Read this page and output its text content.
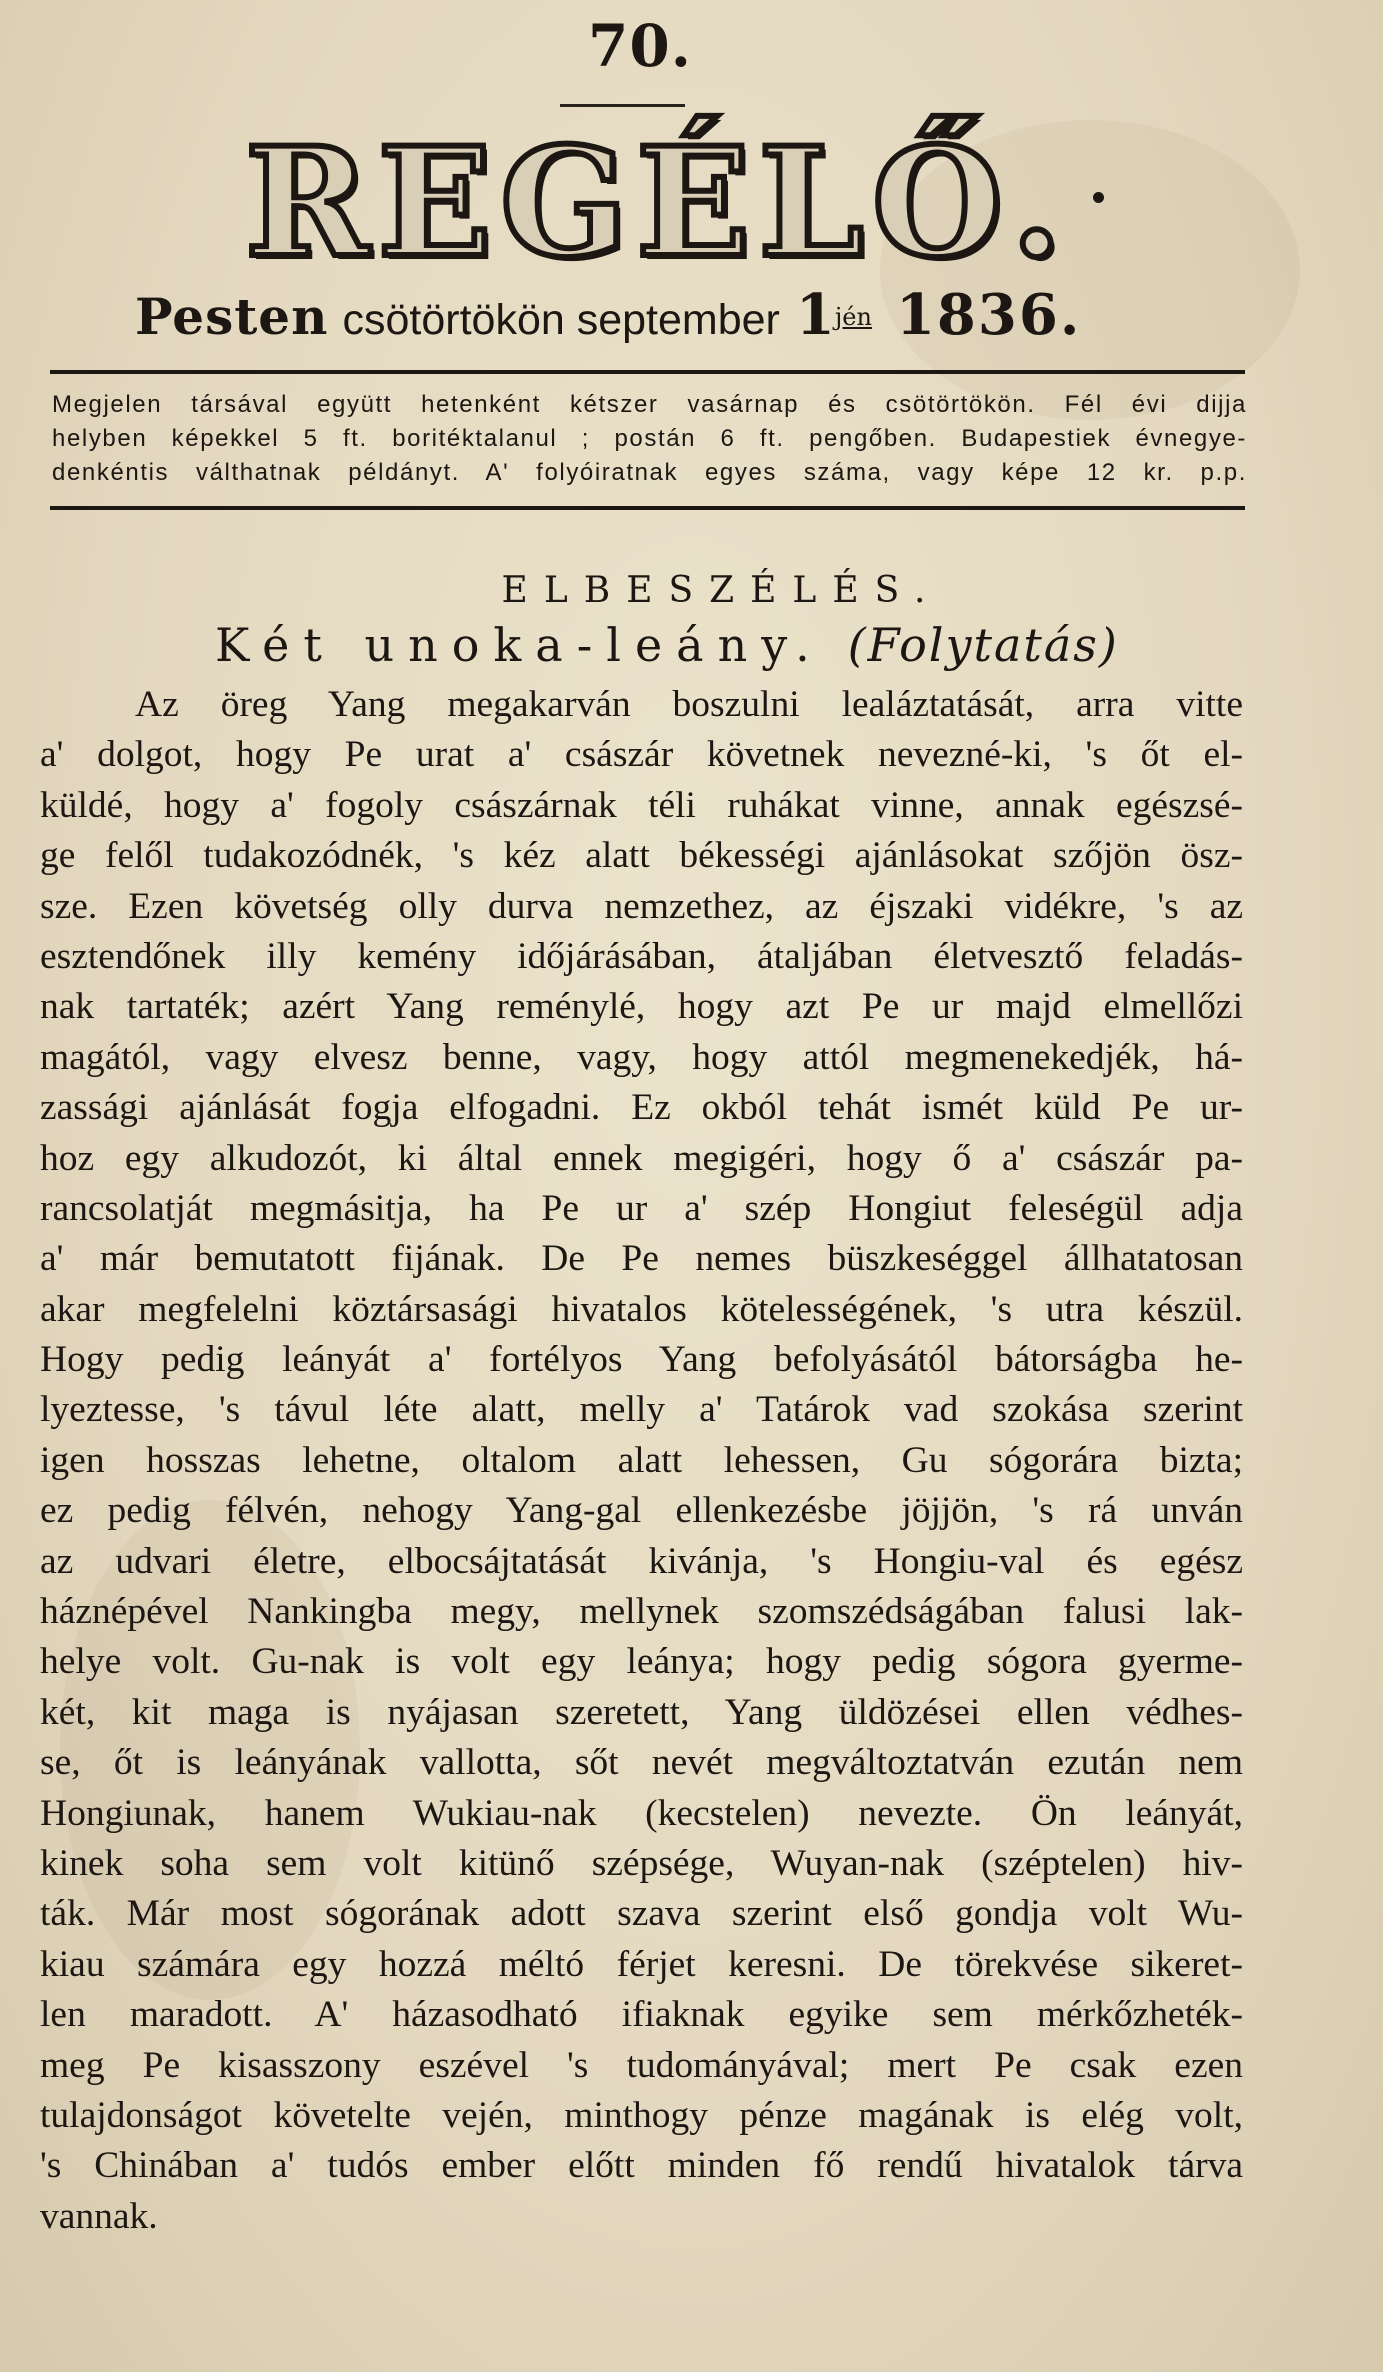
70.
REGÉLŐ.
Pesten csötörtökön september $1^{jén}$ 1836.
Megjelen társával együtt hetenként kétszer vasárnap és csötörtökön. Fél évi dijja
helyben képekkel 5 ft. boritéktalanul ; postán 6 ft. pengőben. Budapestiek évnegye-
denkéntis válthatnak példányt. A' folyóiratnak egyes száma, vagy képe 12 kr. p.p.
ELBESZÉLÉS.
Két unoka-leány. (Folytatás)
Az öreg Yang megakarván boszulni lealáztatását, arra vitte
a' dolgot, hogy Pe urat a' császár követnek nevezné-ki, 's őt el-
küldé, hogy a' fogoly császárnak téli ruhákat vinne, annak egészsé-
ge felől tudakozódnék, 's kéz alatt békességi ajánlásokat szőjön ösz-
sze. Ezen követség olly durva nemzethez, az éjszaki vidékre, 's az
esztendőnek illy kemény időjárásában, átaljában életvesztő feladás-
nak tartaték; azért Yang reménylé, hogy azt Pe ur majd elmellőzi
magától, vagy elvesz benne, vagy, hogy attól megmenekedjék, há-
zassági ajánlását fogja elfogadni. Ez okból tehát ismét küld Pe ur-
hoz egy alkudozót, ki által ennek megigéri, hogy ő a' császár pa-
rancsolatját megmásitja, ha Pe ur a' szép Hongiut feleségül adja
a' már bemutatott fijának. De Pe nemes büszkeséggel állhatatosan
akar megfelelni köztársasági hivatalos kötelességének, 's utra készül.
Hogy pedig leányát a' fortélyos Yang befolyásától bátorságba he-
lyeztesse, 's távul léte alatt, melly a' Tatárok vad szokása szerint
igen hosszas lehetne, oltalom alatt lehessen, Gu sógorára bizta;
ez pedig félvén, nehogy Yang-gal ellenkezésbe jöjjön, 's rá unván
az udvari életre, elbocsájtatását kivánja, 's Hongiu-val és egész
háznépével Nankingba megy, mellynek szomszédságában falusi lak-
helye volt. Gu-nak is volt egy leánya; hogy pedig sógora gyerme-
két, kit maga is nyájasan szeretett, Yang üldözései ellen védhes-
se, őt is leányának vallotta, sőt nevét megváltoztatván ezután nem
Hongiunak, hanem Wukiau-nak (kecstelen) nevezte. Ön leányát,
kinek soha sem volt kitünő szépsége, Wuyan-nak (széptelen) hiv-
ták. Már most sógorának adott szava szerint első gondja volt Wu-
kiau számára egy hozzá méltó férjet keresni. De törekvése sikeret-
len maradott. A' házasodható ifiaknak egyike sem mérkőzheték-
meg Pe kisasszony eszével 's tudományával; mert Pe csak ezen
tulajdonságot követelte vején, minthogy pénze magának is elég volt,
's Chinában a' tudós ember előtt minden fő rendű hivatalok tárva
vannak.
